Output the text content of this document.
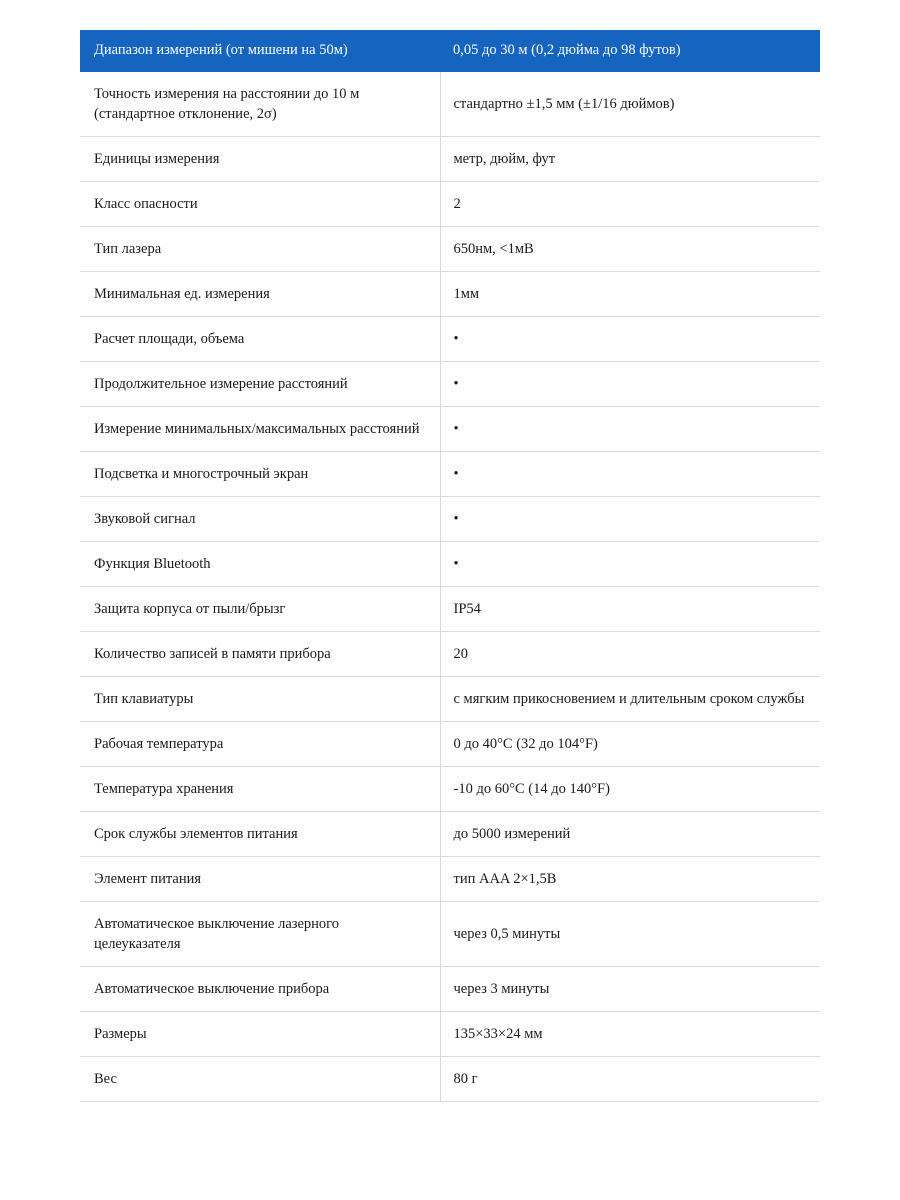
Диапазон измерений (от мишени на 50м)	0,05 до 30 м (0,2 дюйма до 98 футов)
Точность измерения на расстоянии до 10 м (стандартное отклонение, 2σ)	стандартно ±1,5 мм (±1/16 дюймов)
Единицы измерения	метр, дюйм, фут
Класс опасности	2
Тип лазера	650нм, <1мВ
Минимальная ед. измерения	1мм
Расчет площади, объема	•
Продолжительное измерение расстояний	•
Измерение минимальных/максимальных расстояний	•
Подсветка и многострочный экран	•
Звуковой сигнал	•
Функция Bluetooth	•
Защита корпуса от пыли/брызг	IP54
Количество записей в памяти прибора	20
Тип клавиатуры	с мягким прикосновением и длительным сроком службы
Рабочая температура	0 до 40°C (32 до 104°F)
Температура хранения	-10 до 60°C (14 до 140°F)
Срок службы элементов питания	до 5000 измерений
Элемент питания	тип AAA 2×1,5В
Автоматическое выключение лазерного целеуказателя	через 0,5 минуты
Автоматическое выключение прибора	через 3 минуты
Размеры	135×33×24 мм
Вес	80 г
